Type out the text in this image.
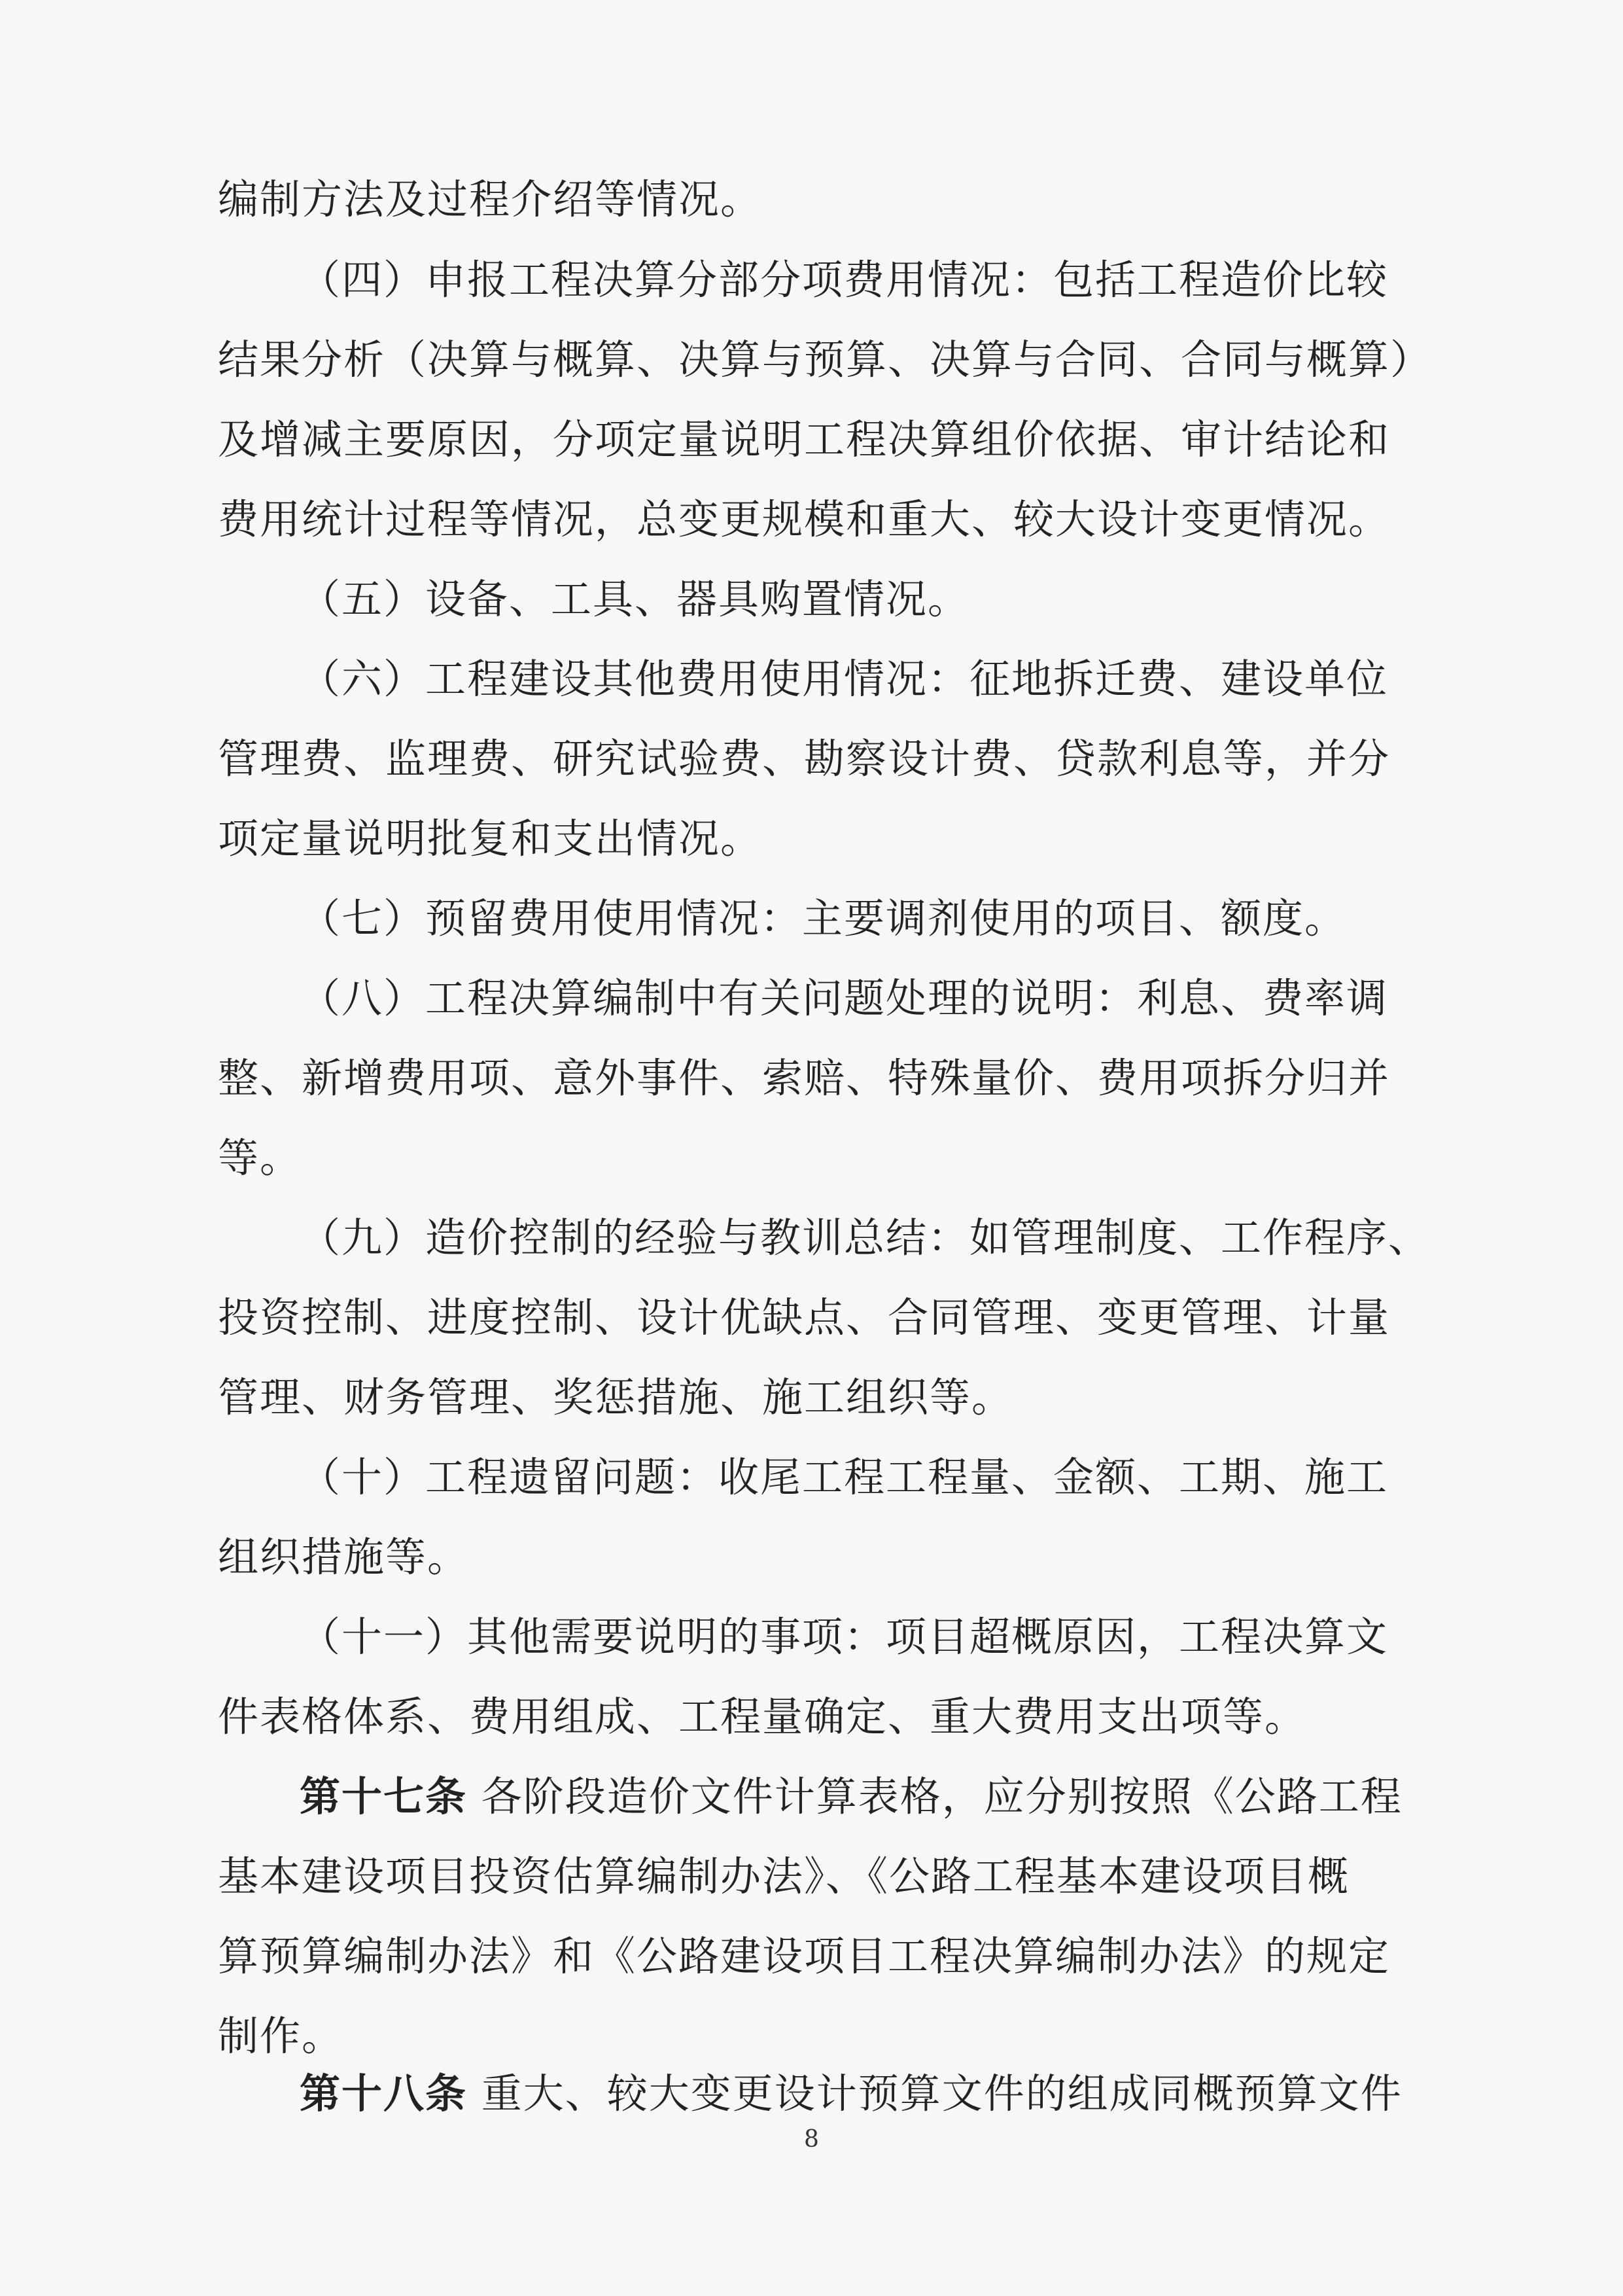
编制方法及过程介绍等情况。
（四）申报工程决算分部分项费用情况：包括工程造价比较
结果分析（决算与概算、决算与预算、决算与合同、合同与概算）
及增减主要原因，分项定量说明工程决算组价依据、审计结论和
费用统计过程等情况，总变更规模和重大、较大设计变更情况。
（五）设备、工具、器具购置情况。
（六）工程建设其他费用使用情况：征地拆迁费、建设单位
管理费、监理费、研究试验费、勘察设计费、贷款利息等，并分
项定量说明批复和支出情况。
（七）预留费用使用情况：主要调剂使用的项目、额度。
（八）工程决算编制中有关问题处理的说明：利息、费率调
整、新增费用项、意外事件、索赔、特殊量价、费用项拆分归并
等。
（九）造价控制的经验与教训总结：如管理制度、工作程序、
投资控制、进度控制、设计优缺点、合同管理、变更管理、计量
管理、财务管理、奖惩措施、施工组织等。
（十）工程遗留问题：收尾工程工程量、金额、工期、施工
组织措施等。
（十一）其他需要说明的事项：项目超概原因，工程决算文
件表格体系、费用组成、工程量确定、重大费用支出项等。
第十七条 各阶段造价文件计算表格，应分别按照《公路工程
基本建设项目投资估算编制办法》、《公路工程基本建设项目概
算预算编制办法》和《公路建设项目工程决算编制办法》的规定
制作。
第十八条 重大、较大变更设计预算文件的组成同概预算文件
8
